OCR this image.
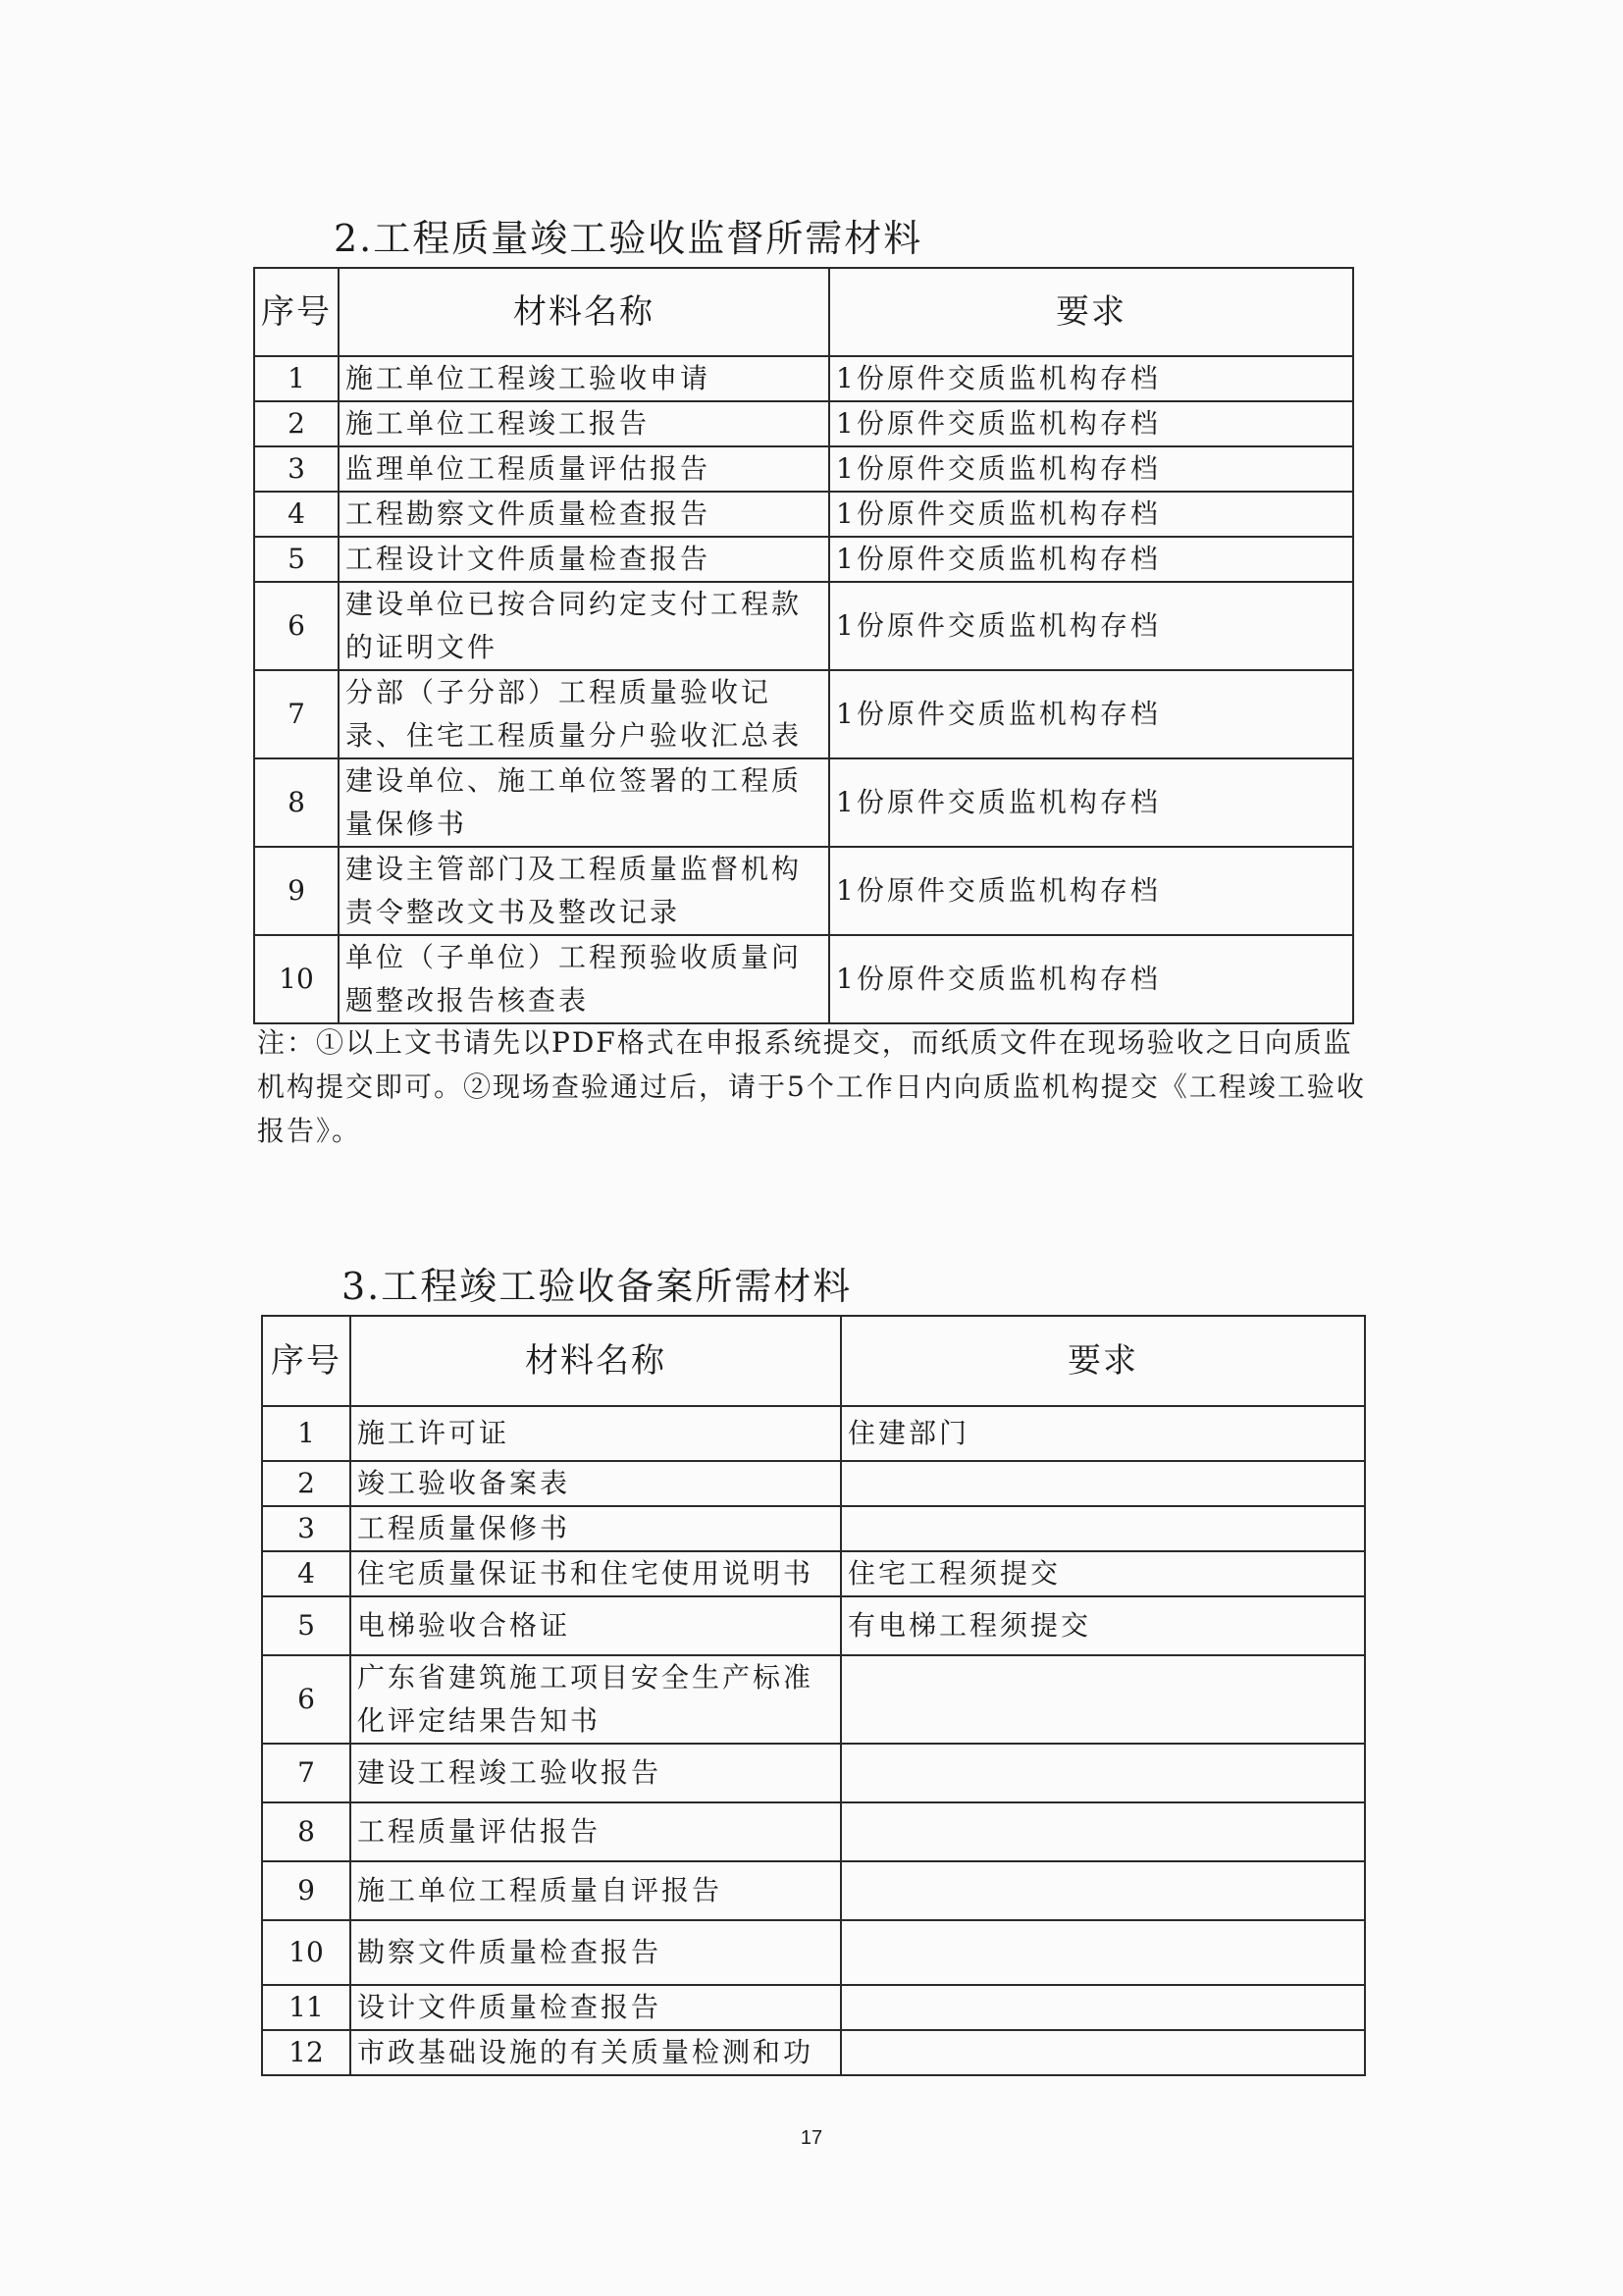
2.工程质量竣工验收监督所需材料
序号	材料名称	要求
1	施工单位工程竣工验收申请	1份原件交质监机构存档
2	施工单位工程竣工报告	1份原件交质监机构存档
3	监理单位工程质量评估报告	1份原件交质监机构存档
4	工程勘察文件质量检查报告	1份原件交质监机构存档
5	工程设计文件质量检查报告	1份原件交质监机构存档
6	建设单位已按合同约定支付工程款的证明文件	1份原件交质监机构存档
7	分部（子分部）工程质量验收记录、住宅工程质量分户验收汇总表	1份原件交质监机构存档
8	建设单位、施工单位签署的工程质量保修书	1份原件交质监机构存档
9	建设主管部门及工程质量监督机构责令整改文书及整改记录	1份原件交质监机构存档
10	单位（子单位）工程预验收质量问题整改报告核查表	1份原件交质监机构存档
注：①以上文书请先以PDF格式在申报系统提交，而纸质文件在现场验收之日向质监机构提交即可。②现场查验通过后，请于5个工作日内向质监机构提交《工程竣工验收报告》。
3.工程竣工验收备案所需材料
序号	材料名称	要求
1	施工许可证	住建部门
2	竣工验收备案表	
3	工程质量保修书	
4	住宅质量保证书和住宅使用说明书	住宅工程须提交
5	电梯验收合格证	有电梯工程须提交
6	广东省建筑施工项目安全生产标准化评定结果告知书	
7	建设工程竣工验收报告	
8	工程质量评估报告	
9	施工单位工程质量自评报告	
10	勘察文件质量检查报告	
11	设计文件质量检查报告	
12	市政基础设施的有关质量检测和功	
17
